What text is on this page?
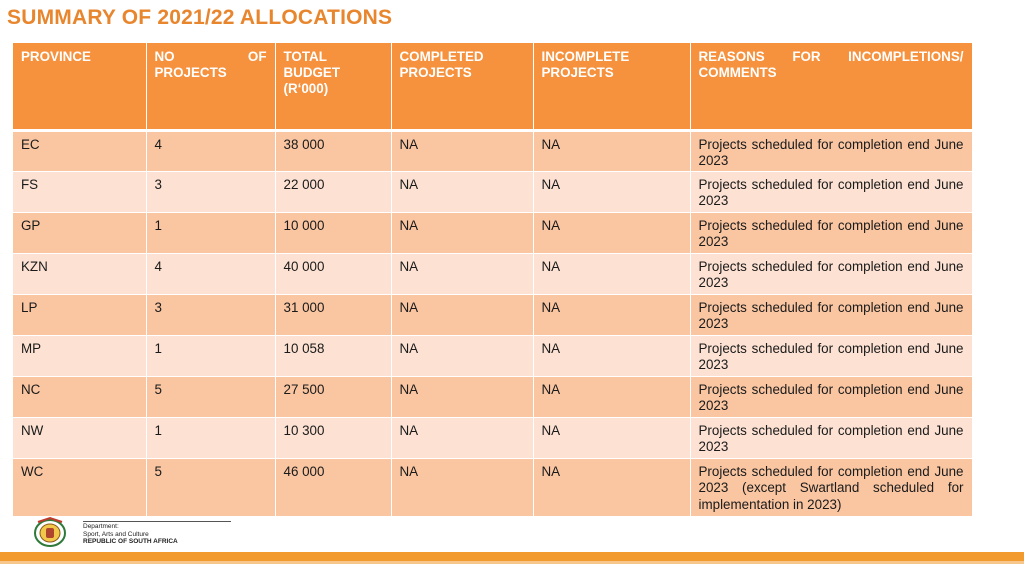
SUMMARY OF 2021/22 ALLOCATIONS
PROVINCE	NO OF PROJECTS	TOTAL BUDGET (R‘000)	COMPLETED PROJECTS	INCOMPLETE PROJECTS	REASONS FOR INCOMPLETIONS/ COMMENTS
EC	4	38 000	NA	NA	Projects scheduled for completion end June 2023
FS	3	22 000	NA	NA	Projects scheduled for completion end June 2023
GP	1	10 000	NA	NA	Projects scheduled for completion end June 2023
KZN	4	40 000	NA	NA	Projects scheduled for completion end June 2023
LP	3	31 000	NA	NA	Projects scheduled for completion end June 2023
MP	1	10 058	NA	NA	Projects scheduled for completion end June 2023
NC	5	27 500	NA	NA	Projects scheduled for completion end June 2023
NW	1	10 300	NA	NA	Projects scheduled for completion end June 2023
WC	5	46 000	NA	NA	Projects scheduled for completion end June 2023 (except Swartland scheduled for implementation in 2023)
Department:
Sport, Arts and Culture
REPUBLIC OF SOUTH AFRICA
